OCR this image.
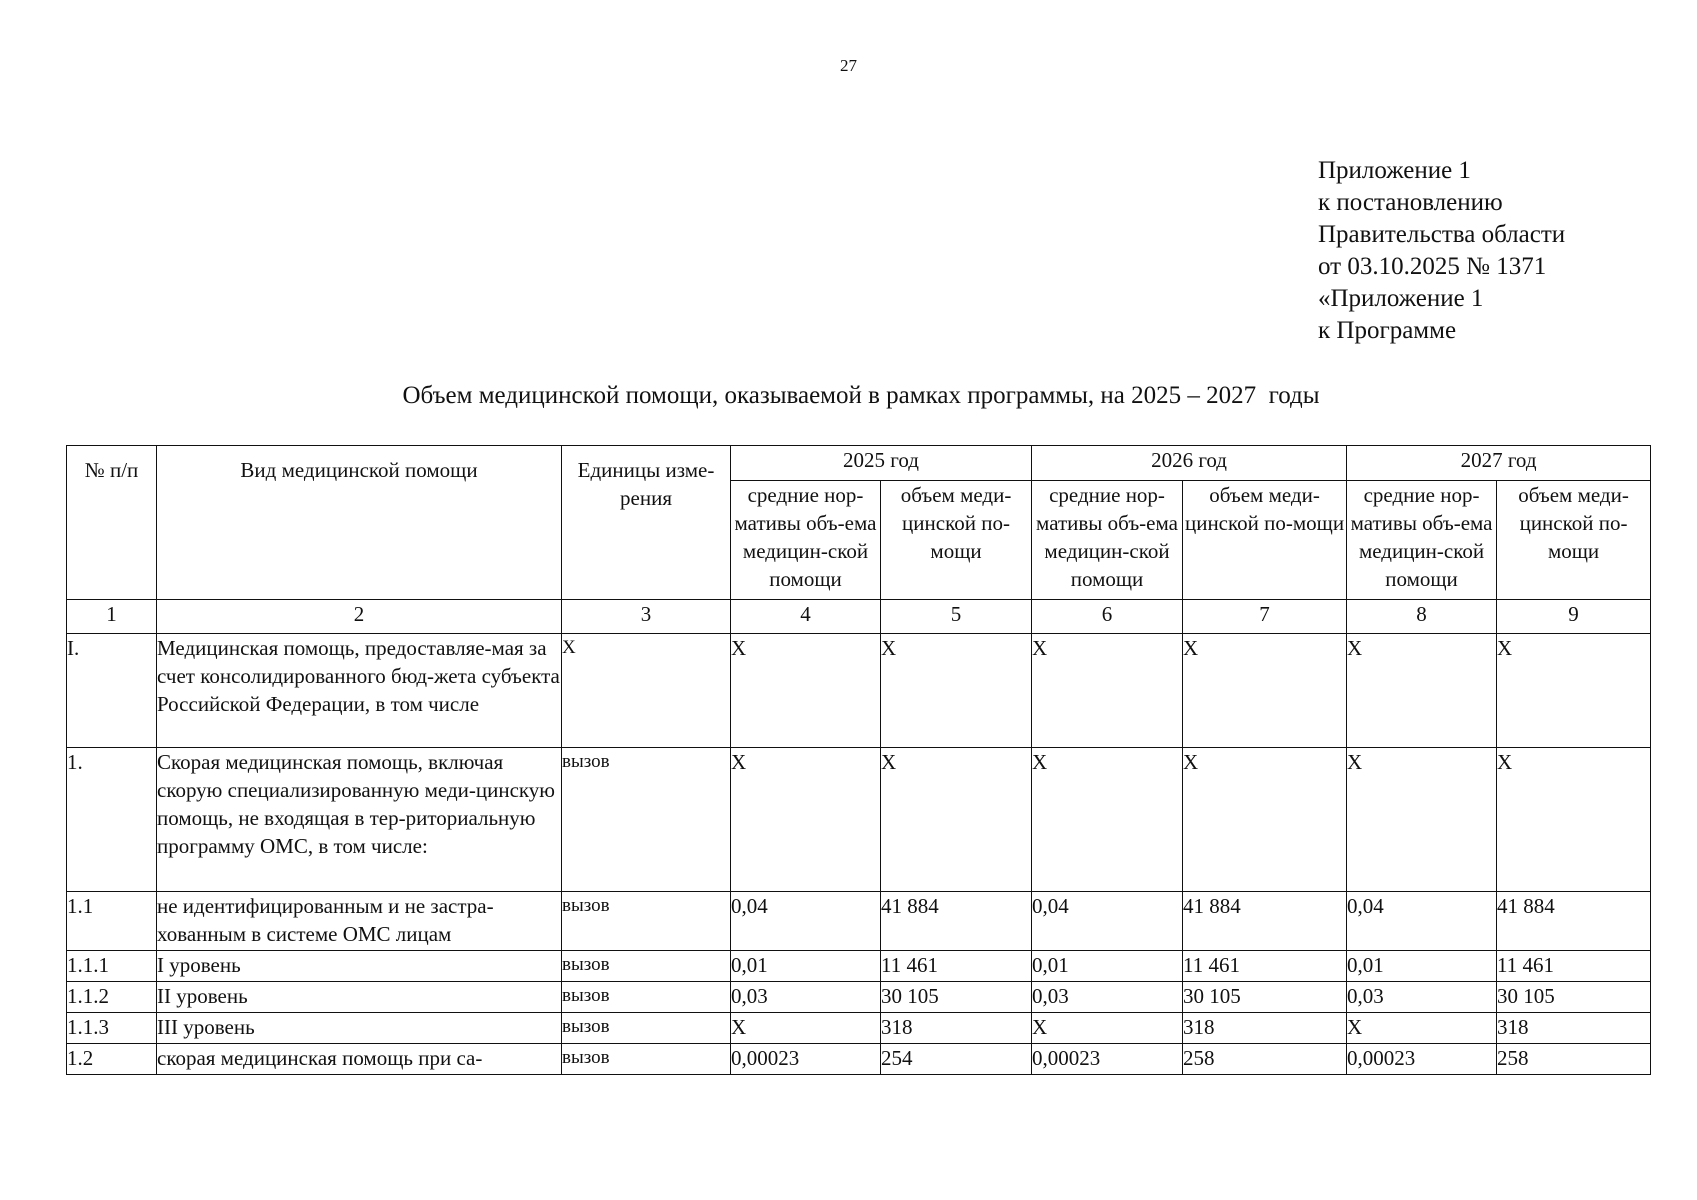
27
Приложение 1
к постановлению
Правительства области
от 03.10.2025 № 1371
«Приложение 1
к Программе
Объем медицинской помощи, оказываемой в рамках программы, на 2025 – 2027  годы
№ п/п	Вид медицинской помощи	Единицы изме-рения	2025 год		2026 год		2027 год	
			средние нор-мативы объ-ема медицин-ской помощи	объем меди-цинской по-мощи	средние нор-мативы объ-ема медицин-ской помощи	объем меди-цинской по-мощи	средние нор-мативы объ-ема медицин-ской помощи	объем меди-цинской по-мощи
1	2	3	4	5	6	7	8	9
I.	Медицинская помощь, предоставляе-мая за счет консолидированного бюд-жета субъекта Российской Федерации, в том числе	Х	Х	Х	Х	Х	Х	Х
1.	Скорая медицинская помощь, включая скорую специализированную меди-цинскую помощь, не входящая в тер-риториальную программу ОМС, в том числе:	вызов	Х	Х	Х	Х	Х	Х
1.1	не идентифицированным и не застра-хованным в системе ОМС лицам	вызов	0,04	41 884	0,04	41 884	0,04	41 884
1.1.1	I уровень	вызов	0,01	11 461	0,01	11 461	0,01	11 461
1.1.2	II уровень	вызов	0,03	30 105	0,03	30 105	0,03	30 105
1.1.3	III уровень	вызов	Х	318	Х	318	Х	318
1.2	скорая медицинская помощь при са-	вызов	0,00023	254	0,00023	258	0,00023	258
